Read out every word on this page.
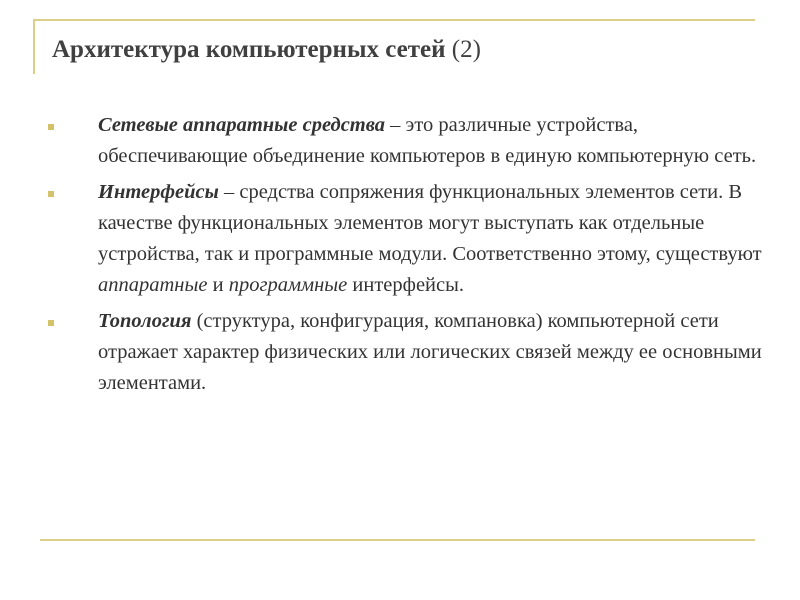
Архитектура компьютерных сетей (2)
Сетевые аппаратные средства – это различные устройства, обеспечивающие объединение компьютеров в единую компьютерную сеть.
Интерфейсы – средства сопряжения функциональных элементов сети. В качестве функциональных элементов могут выступать как отдельные устройства, так и программные модули. Соответственно этому, существуют аппаратные и программные интерфейсы.
Топология (структура, конфигурация, компановка) компьютерной сети отражает характер физических или логических связей между ее основными элементами.
